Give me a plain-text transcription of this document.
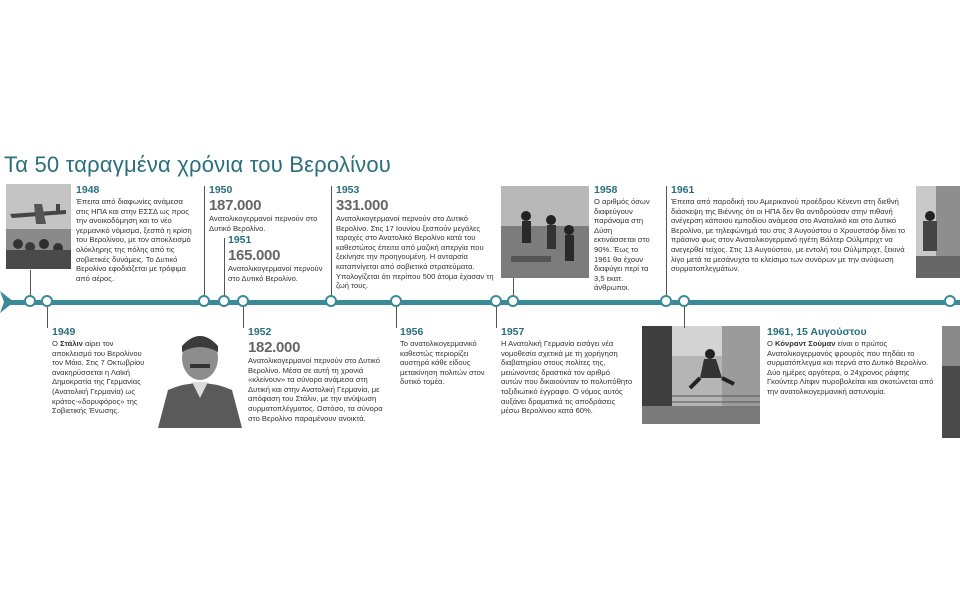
Τα 50 ταραγμένα χρόνια του Βερολίνου
1948
Έπειτα από διαφωνίες ανάμεσα στις ΗΠΑ και στην ΕΣΣΔ ως προς την ανοικοδόμηση και το νέο γερμανικό νόμισμα, ξεσπά η κρίση του Βερολίνου, με τον αποκλεισμό ολόκληρης της πόλης από τις σοβιετικές δυνάμεις. Το Δυτικό Βερολίνο εφοδιάζεται με τρόφιμα από αέρος.
1950
187.000
Ανατολικογερμανοί περνούν στο Δυτικό Βερολίνο.
1951
165.000
Ανατολικογερμανοί περνούν στο Δυτικό Βερολίνο.
1953
331.000
Ανατολικογερμανοί περνούν στο Δυτικό Βερολίνο. Στις 17 Ιουνίου ξεσπούν μεγάλες ταραχές στο Ανατολικό Βερολίνο κατά του καθεστώτος έπειτα από μαζική απεργία που ξεκίνησε την προηγουμένη. Η ανταρσία καταπνίγεται από σοβιετικά στρατεύματα. Υπολογίζεται ότι περίπου 500 άτομα έχασαν τη ζωή τους.
1958
Ο αριθμός όσων διαφεύγουν παράνομα στη Δύση εκτινάσσεται στο 90%. Έως το 1961 θα έχουν διαφύγει περί τα 3,5 εκατ. άνθρωποι.
1961
Έπειτα από παροδική του Αμερικανού προέδρου Κένεντι στη διεθνή διάσκεψη της Βιέννης ότι οι ΗΠΑ δεν θα αντιδρούσαν στην πιθανή ανέγερση κάποιου εμποδίου ανάμεσα στο Ανατολικό και στο Δυτικό Βερολίνο, με τηλεφώνημά του στις 3 Αυγούστου ο Χρουστσόφ δίνει το πράσινο φως στον Ανατολικογερμανό ηγέτη Βάλτερ Ούλμπριχτ να ανεγερθεί τείχος. Στις 13 Αυγούστου, με εντολή του Ούλμπριχτ, ξεκινά λίγο μετά τα μεσάνυχτα το κλείσιμο των συνόρων με την ανύψωση συρματοπλεγμάτων.
1949
Ο Στάλιν αίρει τον αποκλεισμό του Βερολίνου τον Μάιο. Στις 7 Οκτωβρίου ανακηρύσσεται η Λαϊκή Δημοκρατία της Γερμανίας (Ανατολική Γερμανία) ως κράτος-«δορυφόρος» της Σοβιετικής Ένωσης.
1952
182.000
Ανατολικογερμανοί περνούν στο Δυτικό Βερολίνο. Μέσα σε αυτή τη χρονιά «κλείνουν» τα σύνορα ανάμεσα στη Δυτική και στην Ανατολική Γερμανία, με απόφαση του Στάλιν, με την ανύψωση συρματοπλέγματος. Ωστόσο, τα σύνορα στο Βερολίνο παραμένουν ανοικτά.
1956
Το ανατολικογερμανικό καθεστώς περιορίζει αυστηρά κάθε είδους μετακίνηση πολιτών στον δυτικό τομέα.
1957
Η Ανατολική Γερμανία εισάγει νέα νομοθεσία σχετικά με τη χορήγηση διαβατηρίου στους πολίτες της, μειώνοντας δραστικά τον αριθμό αυτών που δικαιούνταν το πολυπόθητο ταξιδιωτικό έγγραφο. Ο νόμος αυτός αυξάνει δραματικά τις αποδράσεις μέσω Βερολίνου κατά 60%.
1961, 15 Αυγούστου
Ο Κόνραντ Σούμαν είναι ο πρώτος Ανατολικογερμανός φρουρός που πηδάει το συρματόπλεγμα και περνά στο Δυτικό Βερολίνο. Δύο ημέρες αργότερα, ο 24χρονος ράφτης Γκούντερ Λίτφιν πυροβολείται και σκοτώνεται από την ανατολικογερμανική αστυνομία.
